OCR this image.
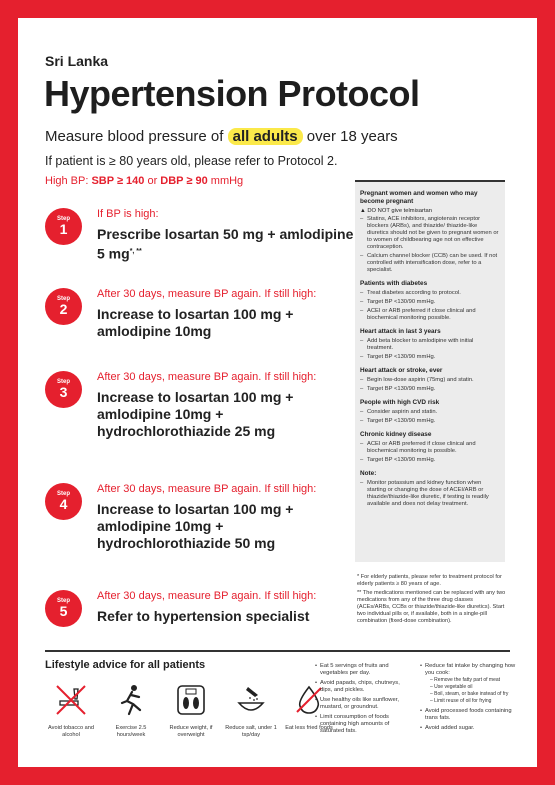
Sri Lanka
Hypertension Protocol
Measure blood pressure of all adults over 18 years
If patient is ≥ 80 years old, please refer to Protocol 2.
High BP: SBP ≥ 140 or DBP ≥ 90 mmHg
Step
1
If BP is high:
Prescribe losartan 50 mg + amlodipine 5 mg*, **
Step
2
After 30 days, measure BP again. If still high:
Increase to losartan 100 mg + amlodipine 10mg
Step
3
After 30 days, measure BP again. If still high:
Increase to losartan 100 mg + amlodipine 10mg + hydrochlorothiazide 25 mg
Step
4
After 30 days, measure BP again. If still high:
Increase to losartan 100 mg + amlodipine 10mg + hydrochlorothiazide 50 mg
Step
5
After 30 days, measure BP again. If still high:
Refer to hypertension specialist
Pregnant women and women who may become pregnant
▲ DO NOT give telmisartan
– Statins, ACE inhibitors, angiotensin receptor blockers (ARBs), and thiazide/ thiazide-like diuretics should not be given to pregnant women or to women of childbearing age not on effective contraception.
– Calcium channel blocker (CCB) can be used. If not controlled with intensification dose, refer to a specialist.
Patients with diabetes
– Treat diabetes according to protocol.
– Target BP <130/90 mmHg.
– ACEI or ARB preferred if close clinical and biochemical monitoring possible.
Heart attack in last 3 years
– Add beta blocker to amlodipine with initial treatment.
– Target BP <130/90 mmHg.
Heart attack or stroke, ever
– Begin low-dose aspirin (75mg) and statin.
– Target BP <130/90 mmHg.
People with high CVD risk
– Consider aspirin and statin.
– Target BP <130/90 mmHg.
Chronic kidney disease
– ACEI or ARB preferred if close clinical and biochemical monitoring is possible.
– Target BP <130/90 mmHg.
Note:
– Monitor potassium and kidney function when starting or changing the dose of ACEI/ARB or thiazide/thiazide-like diuretic, if testing is readily available and does not delay treatment.

* For elderly patients, please refer to treatment protocol for elderly patients ≥ 80 years of age.

** The medications mentioned can be replaced with any two medications from any of the three drug classes (ACEs/ARBs, CCBs or thiazide/thiazide-like diuretics). Start two individual pills or, if available, both in a single-pill combination (fixed-dose combination).

Lifestyle advice for all patients
Avoid tobacco and alcohol
Exercise 2.5 hours/week
Reduce weight, if overweight
Reduce salt, under 1 tsp/day
Eat less fried foods
• Eat 5 servings of fruits and vegetables per day.
• Avoid papads, chips, chutneys, dips, and pickles.
• Use healthy oils like sunflower, mustard, or groundnut.
• Limit consumption of foods containing high amounts of saturated fats.
• Reduce fat intake by changing how you cook:
– Remove the fatty part of meat
– Use vegetable oil
– Boil, steam, or bake instead of fry
– Limit reuse of oil for frying
• Avoid processed foods containing trans fats.
• Avoid added sugar.
